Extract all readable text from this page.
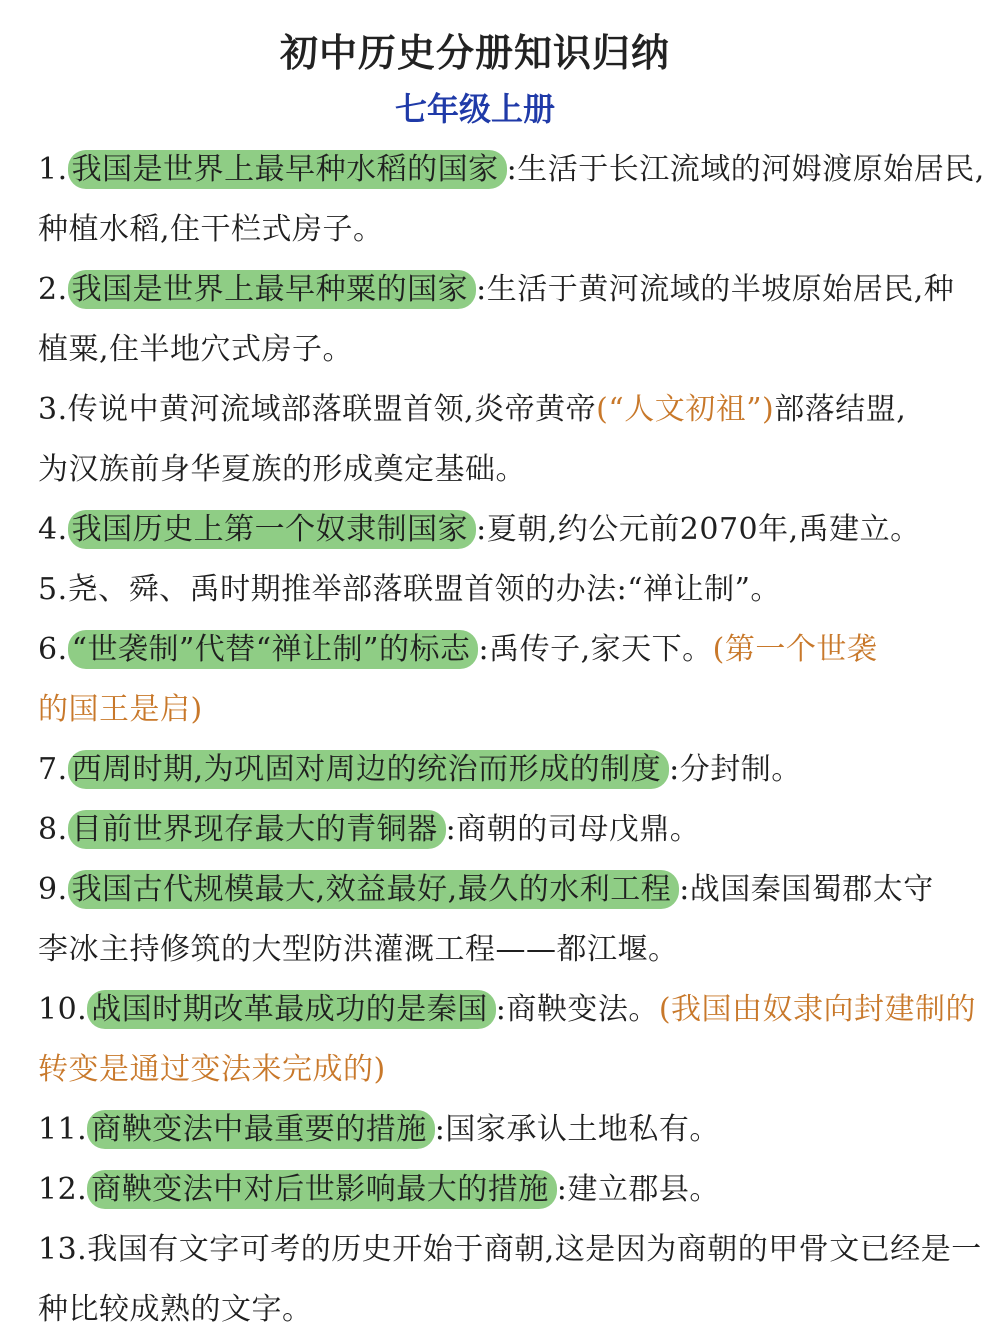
初中历史分册知识归纳
七年级上册
1. 我国是世界上最早种水稻的国家 :生活于长江流域的河姆渡原始居民,
种植水稻,住干栏式房子。
2. 我国是世界上最早种粟的国家 :生活于黄河流域的半坡原始居民,种
植粟,住半地穴式房子。
3.传说中黄河流域部落联盟首领,炎帝黄帝(“人文初祖”)部落结盟,
为汉族前身华夏族的形成奠定基础。
4. 我国历史上第一个奴隶制国家 :夏朝,约公元前2070年,禹建立。
5.尧、舜、禹时期推举部落联盟首领的办法:“禅让制”。
6. “世袭制”代替“禅让制”的标志 :禹传子,家天下。(第一个世袭
的国王是启)
7. 西周时期,为巩固对周边的统治而形成的制度 :分封制。
8. 目前世界现存最大的青铜器 :商朝的司母戊鼎。
9. 我国古代规模最大,效益最好,最久的水利工程 :战国秦国蜀郡太守
李冰主持修筑的大型防洪灌溉工程——都江堰。
10. 战国时期改革最成功的是秦国 :商鞅变法。(我国由奴隶向封建制的
转变是通过变法来完成的)
11. 商鞅变法中最重要的措施 :国家承认土地私有。
12. 商鞅变法中对后世影响最大的措施 :建立郡县。
13.我国有文字可考的历史开始于商朝,这是因为商朝的甲骨文已经是一
种比较成熟的文字。
